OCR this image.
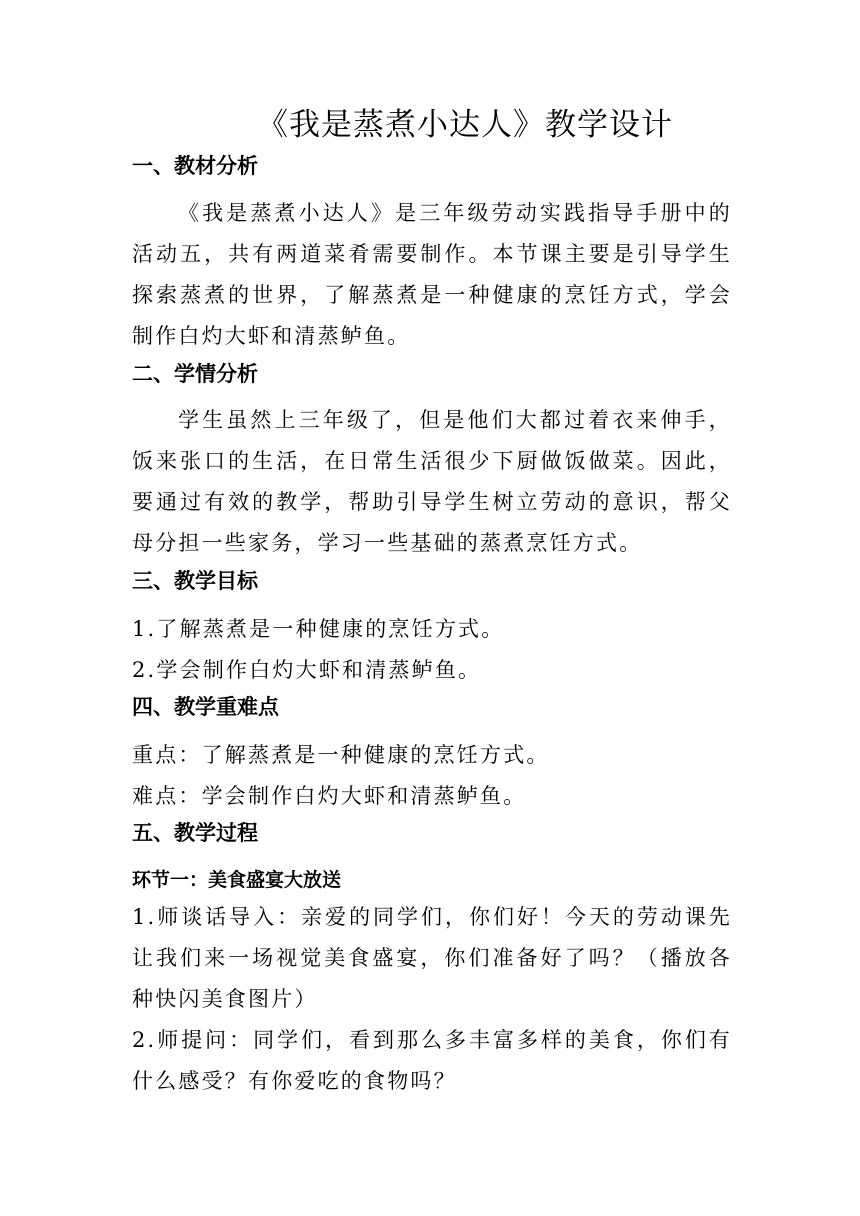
《我是蒸煮小达人》教学设计
一、教材分析
《我是蒸煮小达人》是三年级劳动实践指导手册中的活动五，共有两道菜肴需要制作。本节课主要是引导学生探索蒸煮的世界，了解蒸煮是一种健康的烹饪方式，学会制作白灼大虾和清蒸鲈鱼。
二、学情分析
学生虽然上三年级了，但是他们大都过着衣来伸手，饭来张口的生活，在日常生活很少下厨做饭做菜。因此，要通过有效的教学，帮助引导学生树立劳动的意识，帮父母分担一些家务，学习一些基础的蒸煮烹饪方式。
三、教学目标
1.了解蒸煮是一种健康的烹饪方式。
2.学会制作白灼大虾和清蒸鲈鱼。
四、教学重难点
重点：了解蒸煮是一种健康的烹饪方式。
难点：学会制作白灼大虾和清蒸鲈鱼。
五、教学过程
环节一：美食盛宴大放送
1.师谈话导入：亲爱的同学们，你们好！今天的劳动课先让我们来一场视觉美食盛宴，你们准备好了吗？（播放各种快闪美食图片）
2.师提问：同学们，看到那么多丰富多样的美食，你们有什么感受？有你爱吃的食物吗？
